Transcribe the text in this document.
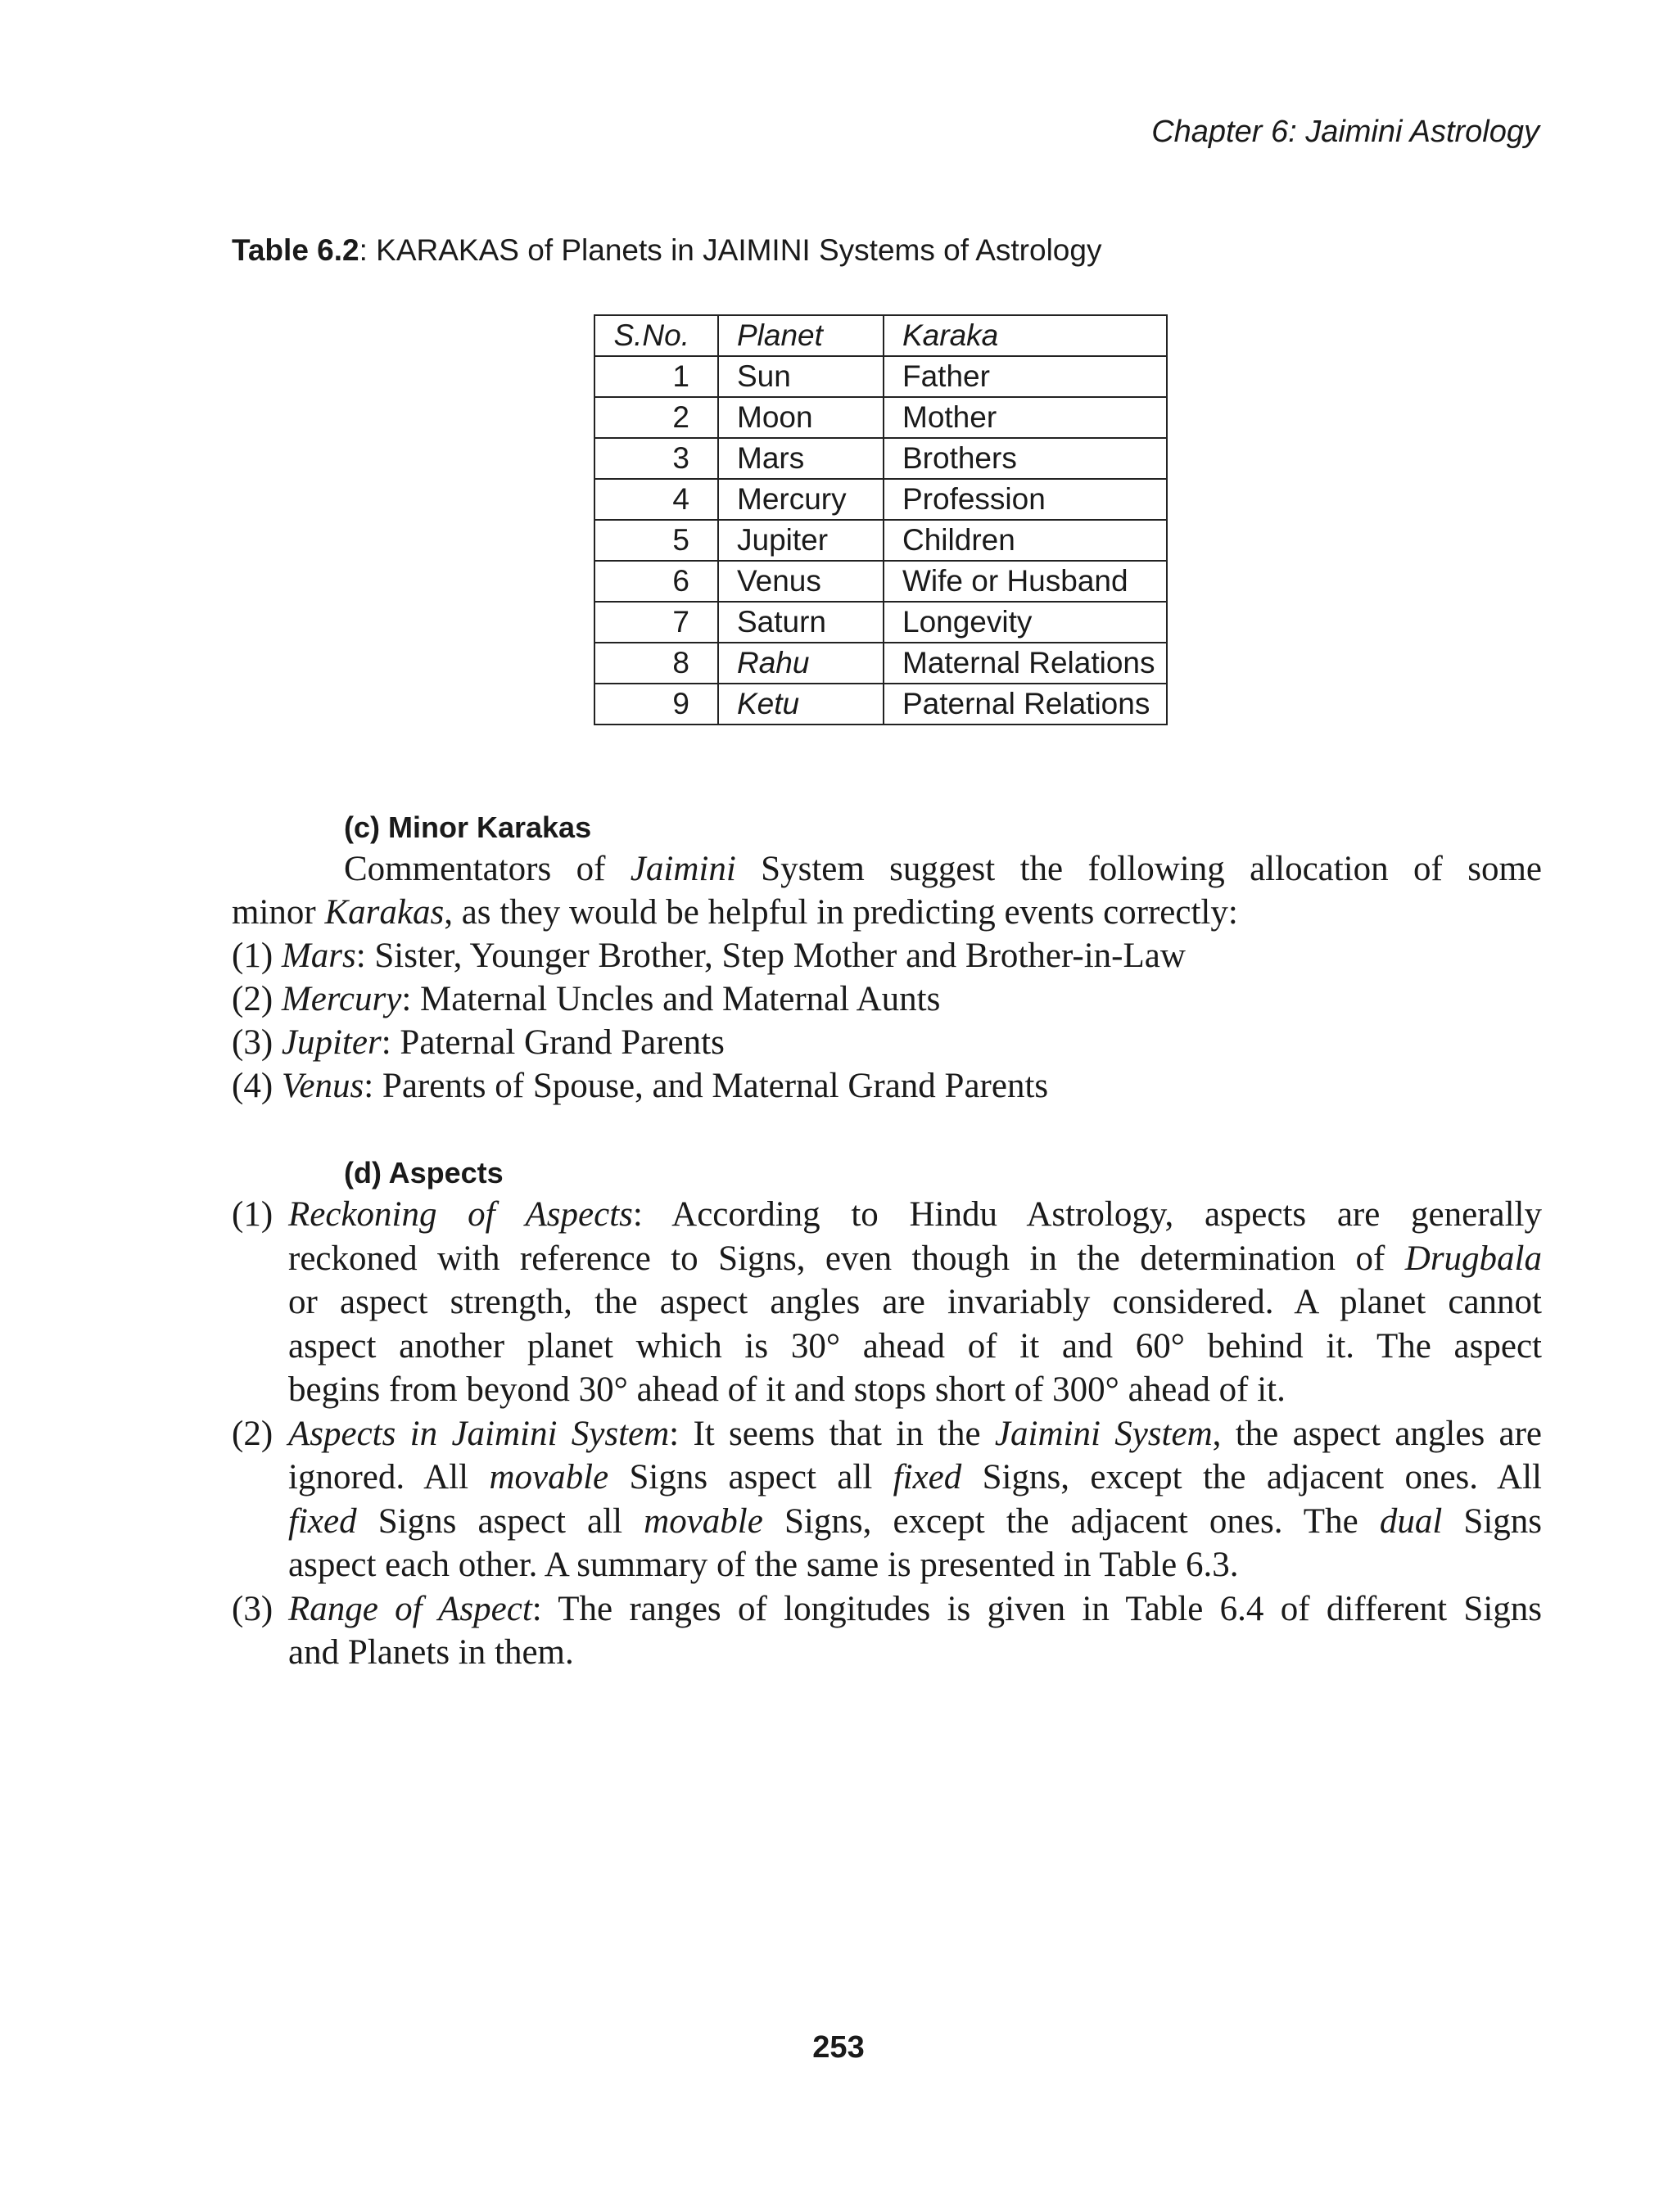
Chapter 6: Jaimini Astrology
Table 6.2: KARAKAS of Planets in JAIMINI Systems of Astrology
S.No.	Planet	Karaka
1	Sun	Father
2	Moon	Mother
3	Mars	Brothers
4	Mercury	Profession
5	Jupiter	Children
6	Venus	Wife or Husband
7	Saturn	Longevity
8	Rahu	Maternal Relations
9	Ketu	Paternal Relations
(c) Minor Karakas
Commentators of Jaimini System suggest the following allocation of some
minor Karakas, as they would be helpful in predicting events correctly:
(1) Mars: Sister, Younger Brother, Step Mother and Brother-in-Law
(2) Mercury: Maternal Uncles and Maternal Aunts
(3) Jupiter: Paternal Grand Parents
(4) Venus: Parents of Spouse, and Maternal Grand Parents
(d) Aspects
(1) Reckoning of Aspects: According to Hindu Astrology, aspects are generally
reckoned with reference to Signs, even though in the determination of Drugbala
or aspect strength, the aspect angles are invariably considered. A planet cannot
aspect another planet which is 30° ahead of it and 60° behind it. The aspect
begins from beyond 30° ahead of it and stops short of 300° ahead of it.
(2) Aspects in Jaimini System: It seems that in the Jaimini System, the aspect angles are
ignored. All movable Signs aspect all fixed Signs, except the adjacent ones. All
fixed Signs aspect all movable Signs, except the adjacent ones. The dual Signs
aspect each other. A summary of the same is presented in Table 6.3.
(3) Range of Aspect: The ranges of longitudes is given in Table 6.4 of different Signs
and Planets in them.
253
